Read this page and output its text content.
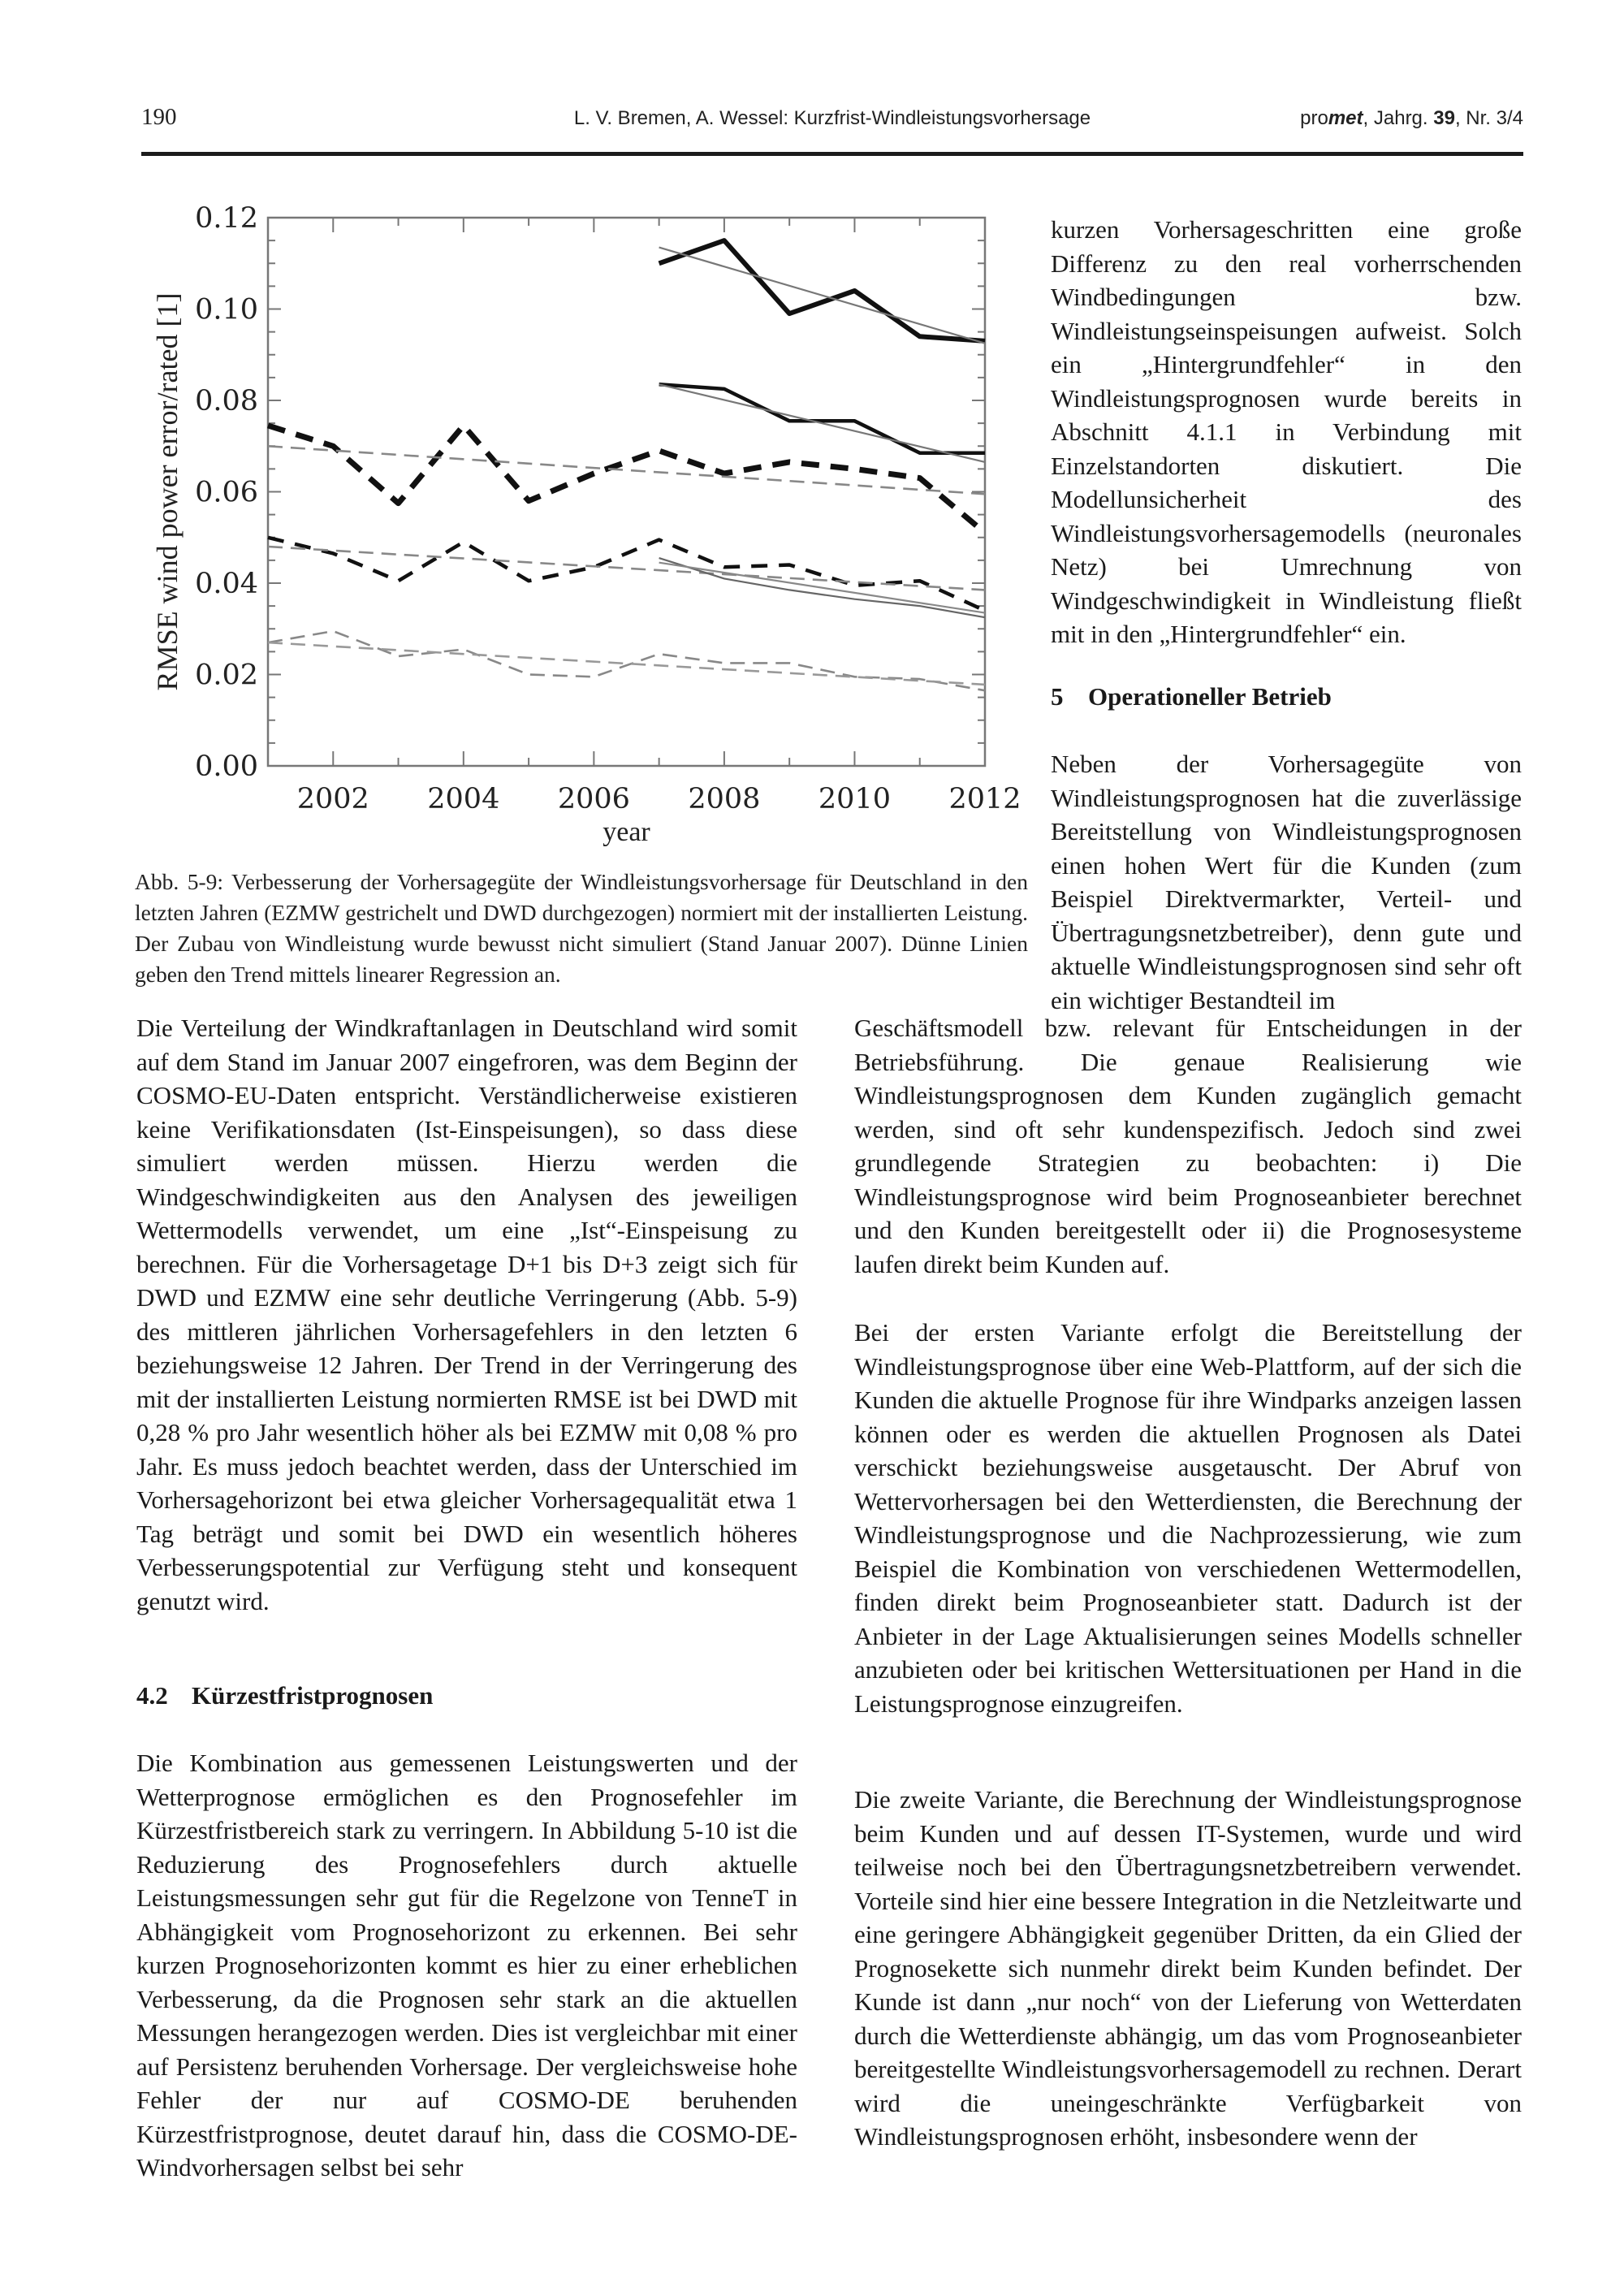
190	L. V. Bremen, A. Wessel: Kurzfrist-Windleistungsvorhersage	promet, Jahrg. 39, Nr. 3/4
0.00
0.02
0.04
0.06
0.08
0.10
0.12
2002 2004 2006 2008 2010 2012
year
RMSE wind power error/rated [1]
Abb. 5-9: Verbesserung der Vorhersagegüte der Windleistungsvorhersage für Deutschland in den letzten Jahren (EZMW gestrichelt und DWD durchgezogen) normiert mit der installierten Leistung. Der Zubau von Windleistung wurde bewusst nicht simuliert (Stand Januar 2007). Dünne Linien geben den Trend mittels linearer Regression an.

kurzen Vorhersageschritten eine große Differenz zu den real vorherrschenden Windbedingungen bzw. Windleistungseinspeisungen aufweist. Solch ein „Hintergrundfehler“ in den Windleistungsprognosen wurde bereits in Abschnitt 4.1.1 in Verbindung mit Einzelstandorten diskutiert. Die Modellunsicherheit des Windleistungsvorhersagemodells (neuronales Netz) bei Umrechnung von Windgeschwindigkeit in Windleistung fließt mit in den „Hintergrundfehler“ ein.

5 Operationeller Betrieb

Neben der Vorhersagegüte von Windleistungsprognosen hat die zuverlässige Bereitstellung von Windleistungsprognosen einen hohen Wert für die Kunden (zum Beispiel Direktvermarkter, Verteil- und Übertragungsnetzbetreiber), denn gute und aktuelle Windleistungsprognosen sind sehr oft ein wichtiger Bestandteil im

Die Verteilung der Windkraftanlagen in Deutschland wird somit auf dem Stand im Januar 2007 eingefroren, was dem Beginn der COSMO-EU-Daten entspricht. Verständlicherweise existieren keine Verifikationsdaten (Ist-Einspeisungen), so dass diese simuliert werden müssen. Hierzu werden die Windgeschwindigkeiten aus den Analysen des jeweiligen Wettermodells verwendet, um eine „Ist“-Einspeisung zu berechnen. Für die Vorhersagetage D+1 bis D+3 zeigt sich für DWD und EZMW eine sehr deutliche Verringerung (Abb. 5-9) des mittleren jährlichen Vorhersagefehlers in den letzten 6 beziehungsweise 12 Jahren. Der Trend in der Verringerung des mit der installierten Leistung normierten RMSE ist bei DWD mit 0,28 % pro Jahr wesentlich höher als bei EZMW mit 0,08 % pro Jahr. Es muss jedoch beachtet werden, dass der Unterschied im Vorhersagehorizont bei etwa gleicher Vorhersagequalität etwa 1 Tag beträgt und somit bei DWD ein wesentlich höheres Verbesserungspotential zur Verfügung steht und konsequent genutzt wird.

4.2 Kürzestfristprognosen

Die Kombination aus gemessenen Leistungswerten und der Wetterprognose ermöglichen es den Prognosefehler im Kürzestfristbereich stark zu verringern. In Abbildung 5-10 ist die Reduzierung des Prognosefehlers durch aktuelle Leistungsmessungen sehr gut für die Regelzone von TenneT in Abhängigkeit vom Prognosehorizont zu erkennen. Bei sehr kurzen Prognosehorizonten kommt es hier zu einer erheblichen Verbesserung, da die Prognosen sehr stark an die aktuellen Messungen herangezogen werden. Dies ist vergleichbar mit einer auf Persistenz beruhenden Vorhersage. Der vergleichsweise hohe Fehler der nur auf COSMO-DE beruhenden Kürzestfristprognose, deutet darauf hin, dass die COSMO-DE-Windvorhersagen selbst bei sehr

Geschäftsmodell bzw. relevant für Entscheidungen in der Betriebsführung. Die genaue Realisierung wie Windleistungsprognosen dem Kunden zugänglich gemacht werden, sind oft sehr kundenspezifisch. Jedoch sind zwei grundlegende Strategien zu beobachten: i) Die Windleistungsprognose wird beim Prognoseanbieter berechnet und den Kunden bereitgestellt oder ii) die Prognosesysteme laufen direkt beim Kunden auf.

Bei der ersten Variante erfolgt die Bereitstellung der Windleistungsprognose über eine Web-Plattform, auf der sich die Kunden die aktuelle Prognose für ihre Windparks anzeigen lassen können oder es werden die aktuellen Prognosen als Datei verschickt beziehungsweise ausgetauscht. Der Abruf von Wettervorhersagen bei den Wetterdiensten, die Berechnung der Windleistungsprognose und die Nachprozessierung, wie zum Beispiel die Kombination von verschiedenen Wettermodellen, finden direkt beim Prognoseanbieter statt. Dadurch ist der Anbieter in der Lage Aktualisierungen seines Modells schneller anzubieten oder bei kritischen Wettersituationen per Hand in die Leistungsprognose einzugreifen.

Die zweite Variante, die Berechnung der Windleistungsprognose beim Kunden und auf dessen IT-Systemen, wurde und wird teilweise noch bei den Übertragungsnetzbetreibern verwendet. Vorteile sind hier eine bessere Integration in die Netzleitwarte und eine geringere Abhängigkeit gegenüber Dritten, da ein Glied der Prognosekette sich nunmehr direkt beim Kunden befindet. Der Kunde ist dann „nur noch“ von der Lieferung von Wetterdaten durch die Wetterdienste abhängig, um das vom Prognoseanbieter bereitgestellte Windleistungsvorhersagemodell zu rechnen. Derart wird die uneingeschränkte Verfügbarkeit von Windleistungsprognosen erhöht, insbesondere wenn der
